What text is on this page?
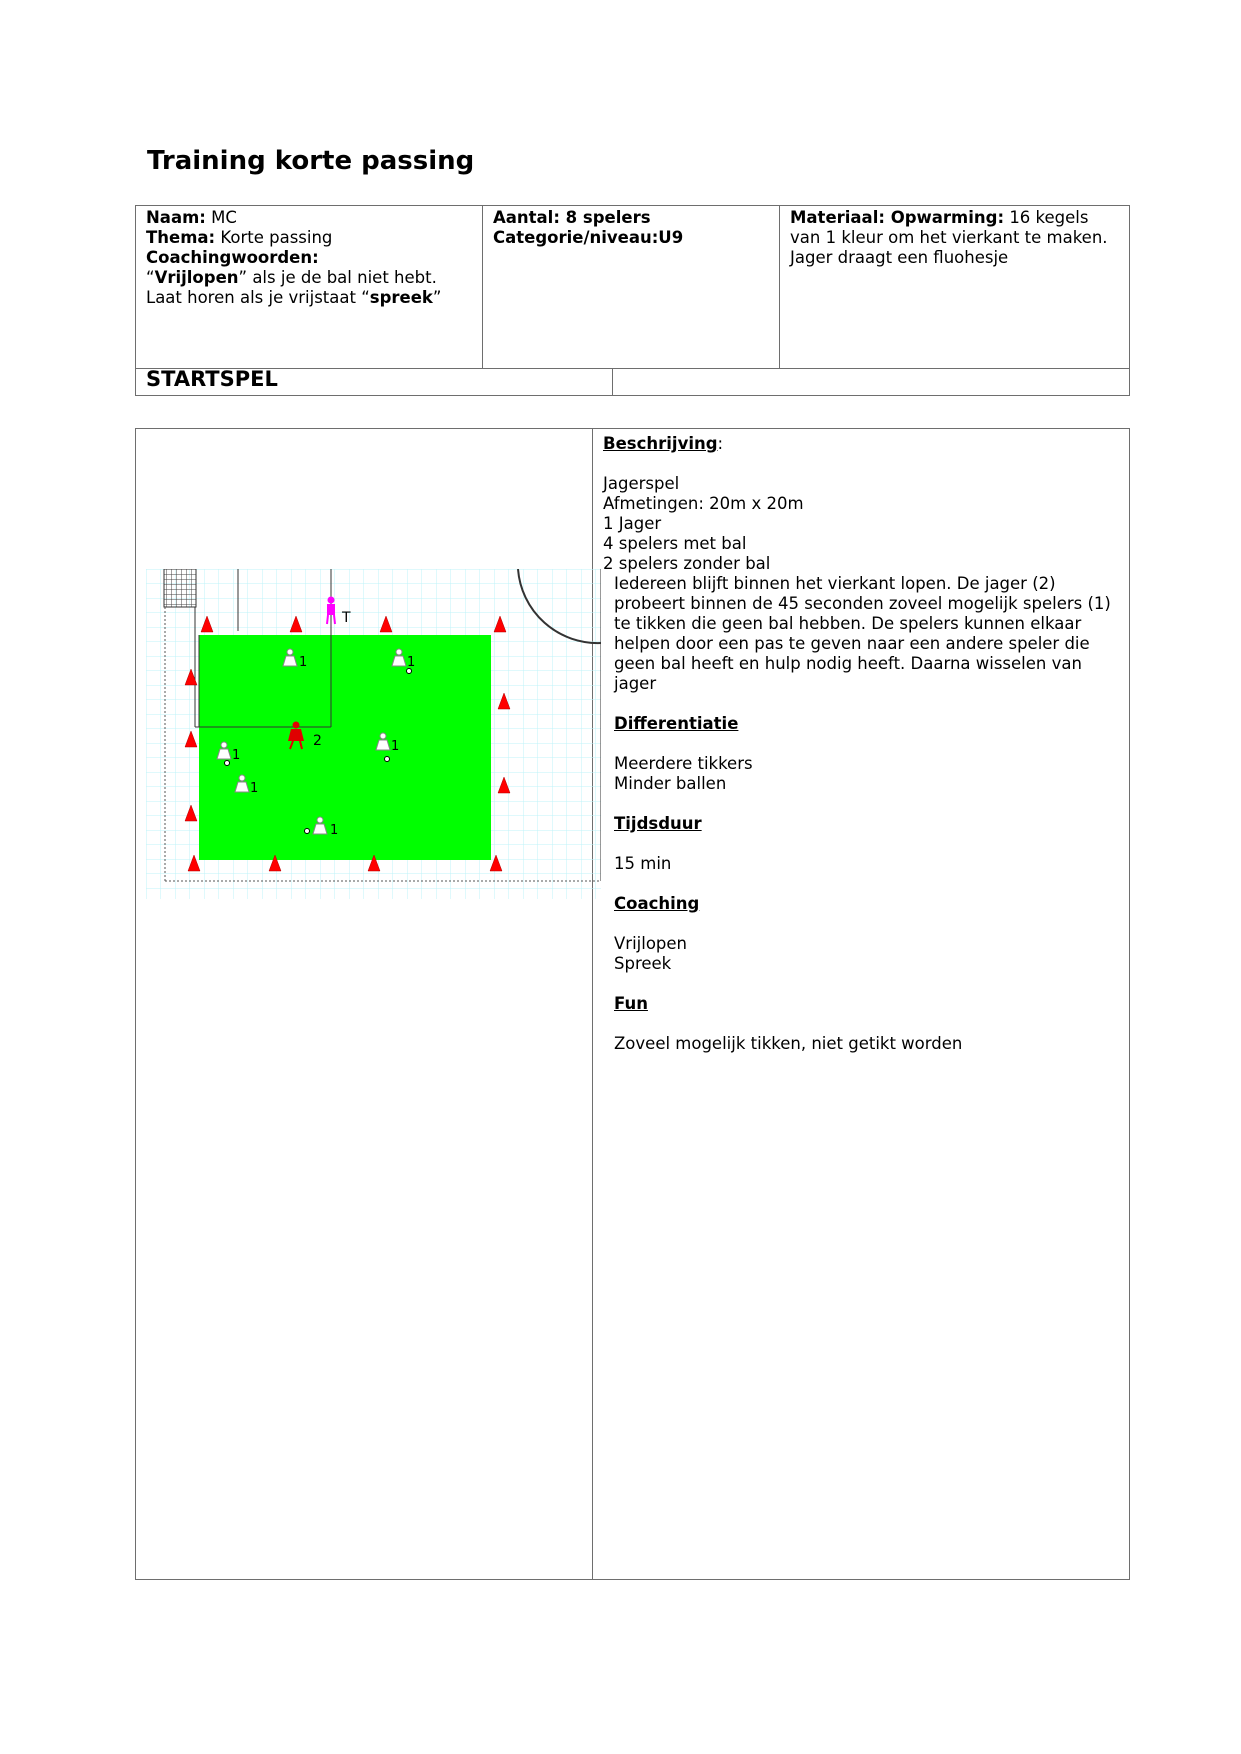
Training korte passing
Naam: MC
Thema: Korte passing
Coachingwoorden:
“Vrijlopen” als je de bal niet hebt.
Laat horen als je vrijstaat “spreek”

Aantal: 8 spelers
Categorie/niveau:U9
	Materiaal: Opwarming: 16 kegels van 1 kleur om het vierkant te maken. Jager draagt een fluohesje
STARTSPEL	
T
1	1
2	1
1
1
1

Beschrijving:

Jagerspel

Afmetingen: 20m x 20m

1 Jager

4 spelers met bal

2 spelers zonder bal

Iedereen blijft binnen het vierkant lopen. De jager (2) probeert binnen de 45 seconden zoveel mogelijk spelers (1) te tikken die geen bal hebben. De spelers kunnen elkaar helpen door een pas te geven naar een andere speler die geen bal heeft en hulp nodig heeft. Daarna wisselen van jager

Differentiatie

Meerdere tikkers

Minder ballen

Tijdsduur

15 min

Coaching

Vrijlopen

Spreek

Fun

Zoveel mogelijk tikken, niet getikt worden
